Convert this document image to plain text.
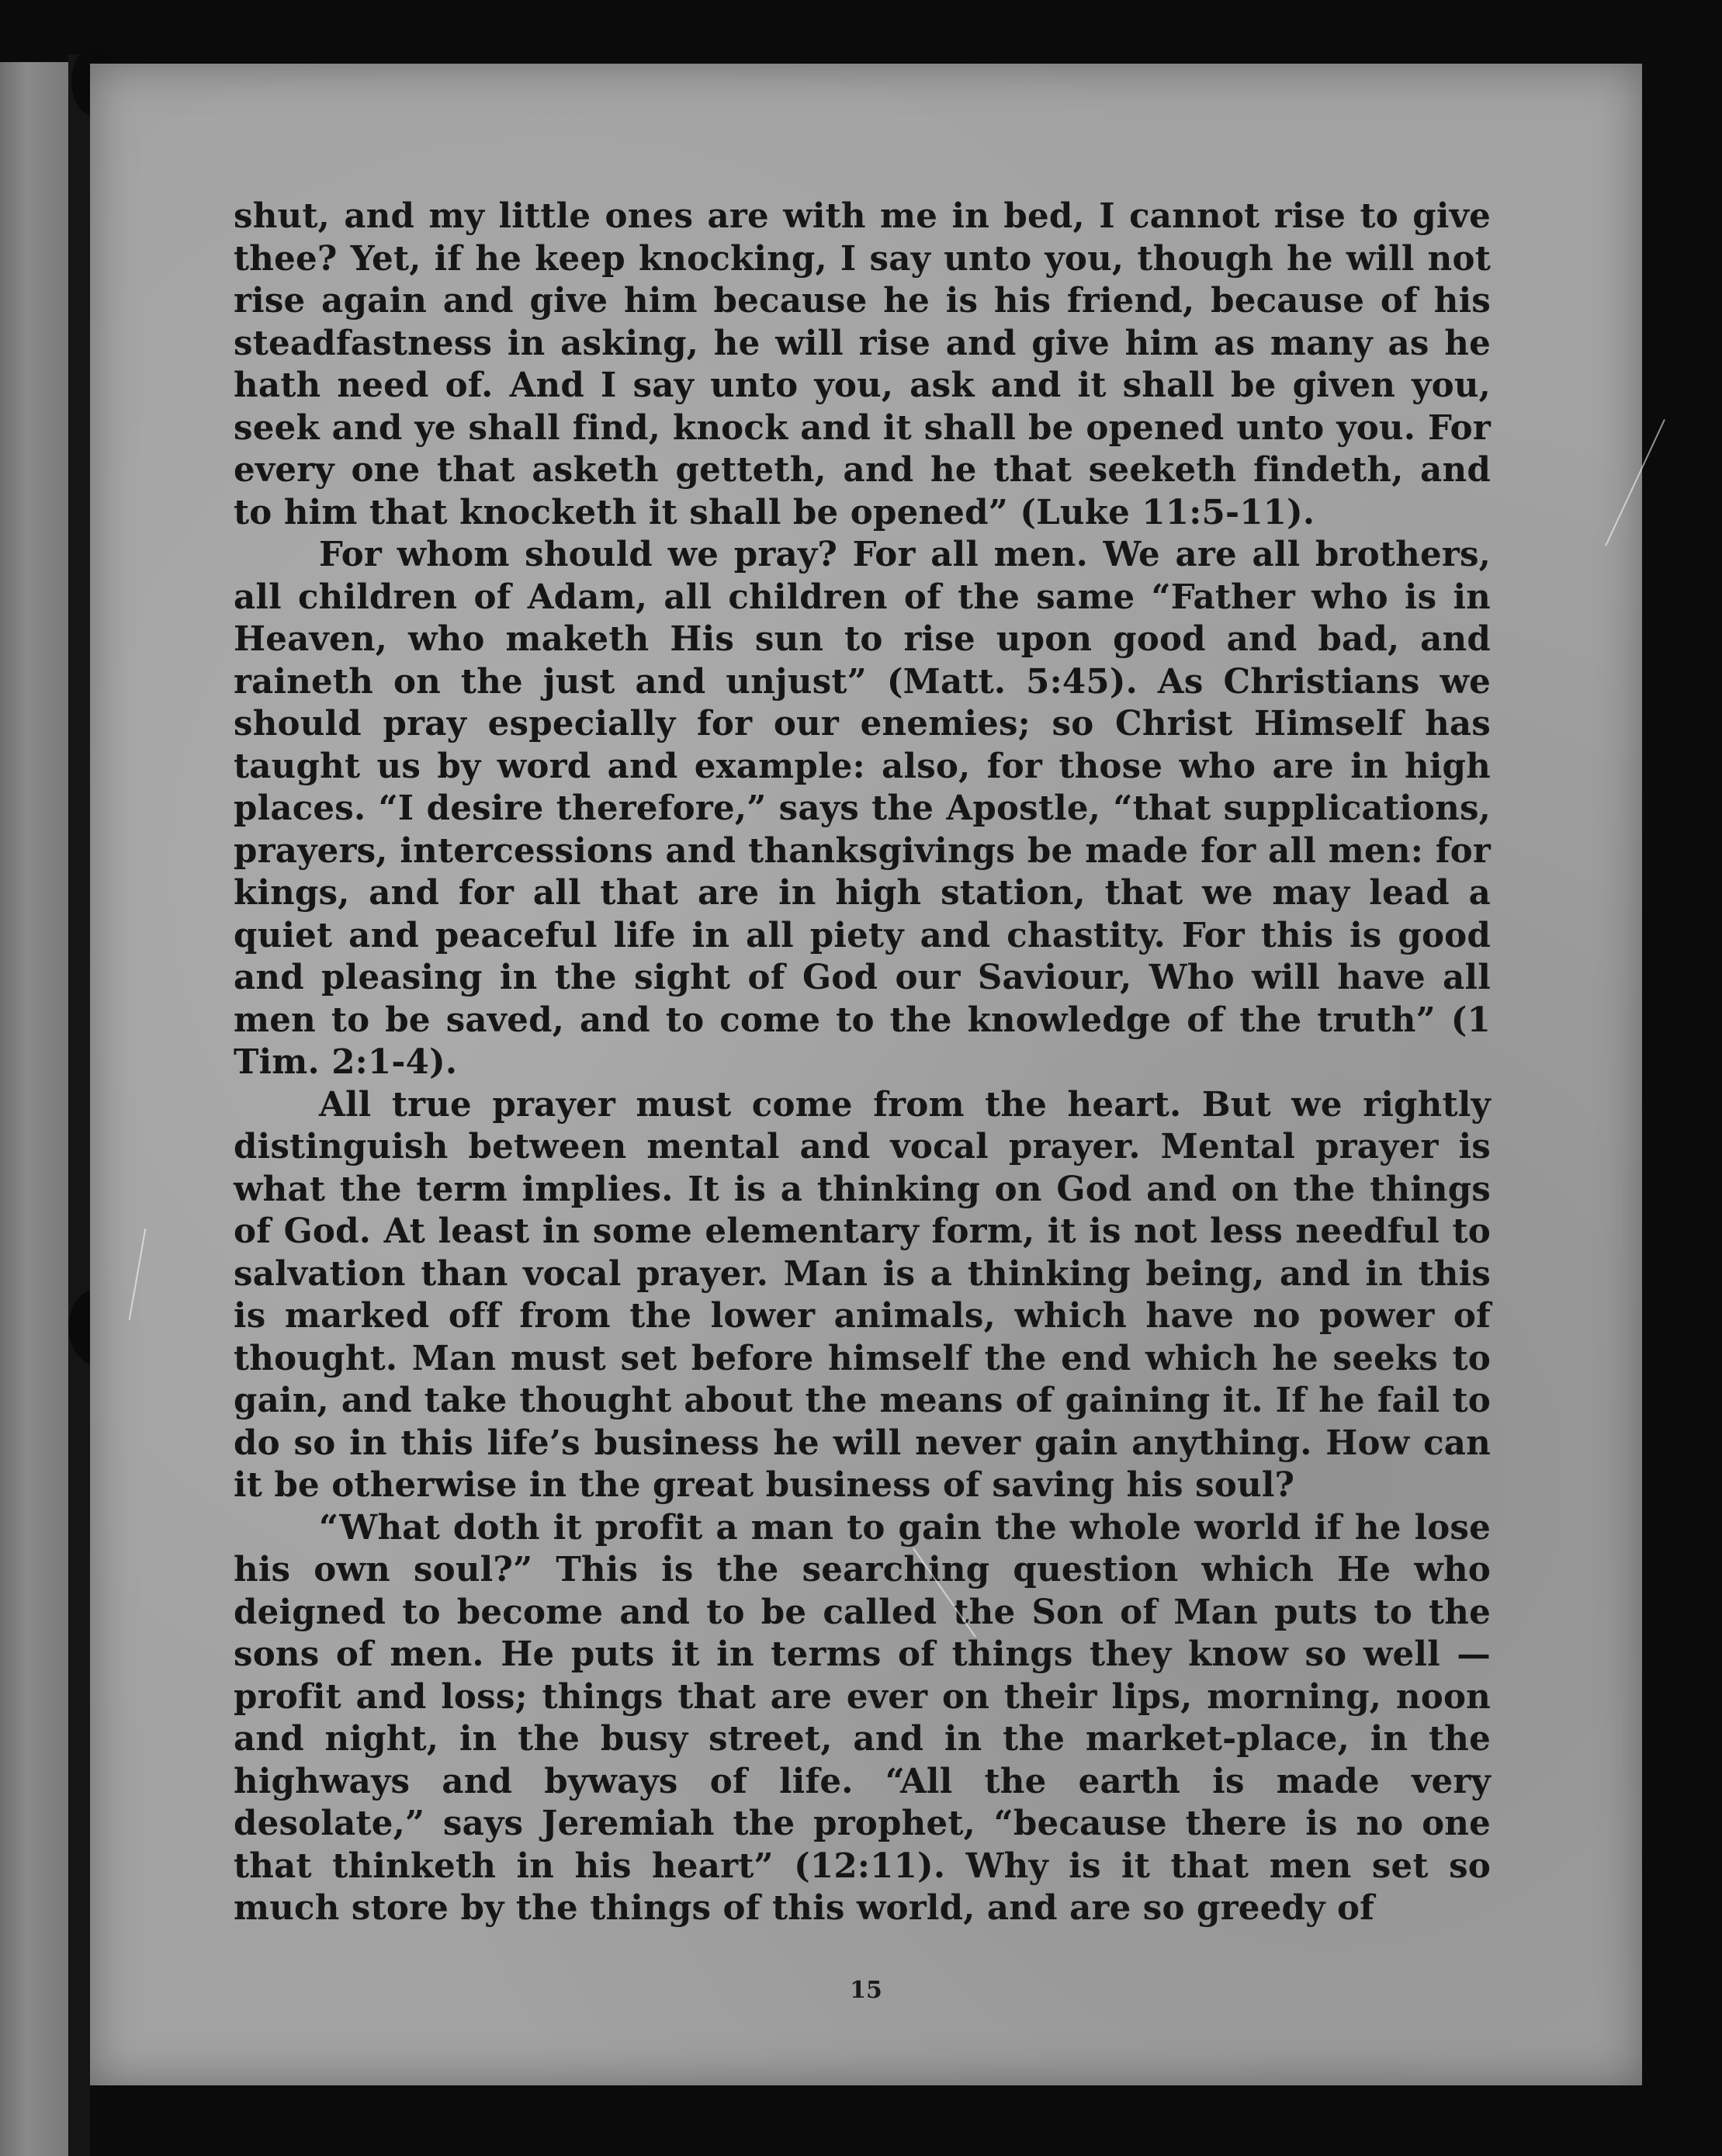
shut, and my little ones are with me in bed, I cannot rise to give thee? Yet, if he keep knocking, I say unto you, though he will not rise again and give him because he is his friend, because of his steadfastness in asking, he will rise and give him as many as he hath need of. And I say unto you, ask and it shall be given you, seek and ye shall find, knock and it shall be opened unto you. For every one that asketh getteth, and he that seeketh findeth, and to him that knocketh it shall be opened” (Luke 11:5-11).

For whom should we pray? For all men. We are all brothers, all children of Adam, all children of the same “Father who is in Heaven, who maketh His sun to rise upon good and bad, and raineth on the just and unjust” (Matt. 5:45). As Christians we should pray especially for our enemies; so Christ Himself has taught us by word and example: also, for those who are in high places. “I desire therefore,” says the Apostle, “that supplications, prayers, intercessions and thanksgivings be made for all men: for kings, and for all that are in high station, that we may lead a quiet and peaceful life in all piety and chastity. For this is good and pleasing in the sight of God our Saviour, Who will have all men to be saved, and to come to the knowledge of the truth” (1 Tim. 2:1-4).

All true prayer must come from the heart. But we rightly distinguish between mental and vocal prayer. Mental prayer is what the term implies. It is a thinking on God and on the things of God. At least in some elementary form, it is not less needful to salvation than vocal prayer. Man is a thinking being, and in this is marked off from the lower animals, which have no power of thought. Man must set before himself the end which he seeks to gain, and take thought about the means of gaining it. If he fail to do so in this life’s business he will never gain anything. How can it be otherwise in the great business of saving his soul?

“What doth it profit a man to gain the whole world if he lose his own soul?” This is the searching question which He who deigned to become and to be called the Son of Man puts to the sons of men. He puts it in terms of things they know so well —profit and loss; things that are ever on their lips, morning, noon and night, in the busy street, and in the market-place, in the highways and byways of life. “All the earth is made very desolate,” says Jeremiah the prophet, “because there is no one that thinketh in his heart” (12:11). Why is it that men set so much store by the things of this world, and are so greedy of

15
